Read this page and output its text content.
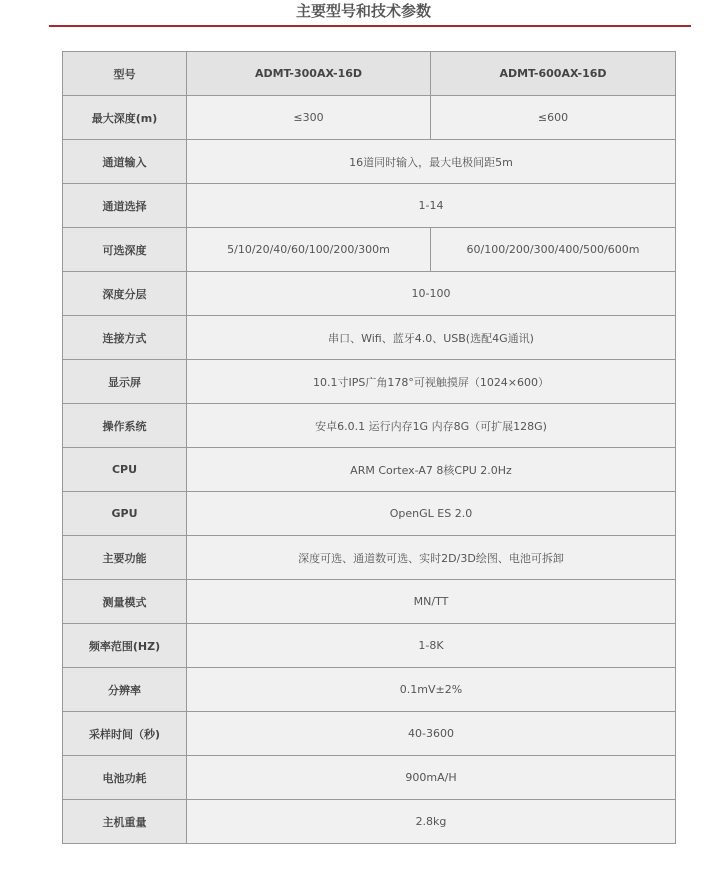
主要型号和技术参数
型号	ADMT-300AX-16D	ADMT-600AX-16D
最大深度(m)	≤300	≤600
通道输入	16道同时输入，最大电极间距5m	
通道选择	1-14	
可选深度	5/10/20/40/60/100/200/300m	60/100/200/300/400/500/600m
深度分层	10-100	
连接方式	串口、Wifi、蓝牙4.0、USB(选配4G通讯)	
显示屏	10.1寸IPS广角178°可视触摸屏（1024×600）	
操作系统	安卓6.0.1 运行内存1G 内存8G（可扩展128G)	
CPU	ARM Cortex-A7 8核CPU 2.0Hz	
GPU	OpenGL ES 2.0	
主要功能	深度可选、通道数可选、实时2D/3D绘图、电池可拆卸	
测量模式	MN/TT	
频率范围(HZ)	1-8K	
分辨率	0.1mV±2%	
采样时间（秒)	40-3600	
电池功耗	900mA/H	
主机重量	2.8kg	
